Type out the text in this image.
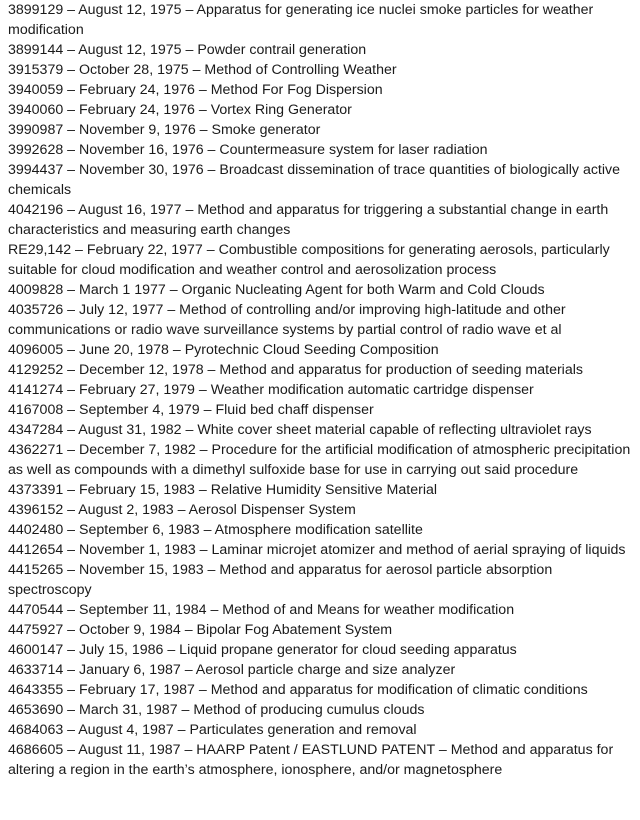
3899129 – August 12, 1975 – Apparatus for generating ice nuclei smoke particles for weather modification

3899144 – August 12, 1975 – Powder contrail generation

3915379 – October 28, 1975 – Method of Controlling Weather

3940059 – February 24, 1976 – Method For Fog Dispersion

3940060 – February 24, 1976 – Vortex Ring Generator

3990987 – November 9, 1976 – Smoke generator

3992628 – November 16, 1976 – Countermeasure system for laser radiation

3994437 – November 30, 1976 – Broadcast dissemination of trace quantities of biologically active chemicals

4042196 – August 16, 1977 – Method and apparatus for triggering a substantial change in earth characteristics and measuring earth changes

RE29,142 – February 22, 1977 – Combustible compositions for generating aerosols, particularly suitable for cloud modification and weather control and aerosolization process

4009828 – March 1 1977 – Organic Nucleating Agent for both Warm and Cold Clouds

4035726 – July 12, 1977 – Method of controlling and/or improving high-latitude and other communications or radio wave surveillance systems by partial control of radio wave et al

4096005 – June 20, 1978 – Pyrotechnic Cloud Seeding Composition

4129252 – December 12, 1978 – Method and apparatus for production of seeding materials

4141274 – February 27, 1979 – Weather modification automatic cartridge dispenser

4167008 – September 4, 1979 – Fluid bed chaff dispenser

4347284 – August 31, 1982 – White cover sheet material capable of reflecting ultraviolet rays

4362271 – December 7, 1982 – Procedure for the artificial modification of atmospheric precipitation as well as compounds with a dimethyl sulfoxide base for use in carrying out said procedure

4373391 – February 15, 1983 – Relative Humidity Sensitive Material

4396152 – August 2, 1983 – Aerosol Dispenser System

4402480 – September 6, 1983 – Atmosphere modification satellite

4412654 – November 1, 1983 – Laminar microjet atomizer and method of aerial spraying of liquids

4415265 – November 15, 1983 – Method and apparatus for aerosol particle absorption spectroscopy

4470544 – September 11, 1984 – Method of and Means for weather modification

4475927 – October 9, 1984 – Bipolar Fog Abatement System

4600147 – July 15, 1986 – Liquid propane generator for cloud seeding apparatus

4633714 – January 6, 1987 – Aerosol particle charge and size analyzer

4643355 – February 17, 1987 – Method and apparatus for modification of climatic conditions

4653690 – March 31, 1987 – Method of producing cumulus clouds

4684063 – August 4, 1987 – Particulates generation and removal

4686605 – August 11, 1987 – HAARP Patent / EASTLUND PATENT – Method and apparatus for altering a region in the earth’s atmosphere, ionosphere, and/or magnetosphere
